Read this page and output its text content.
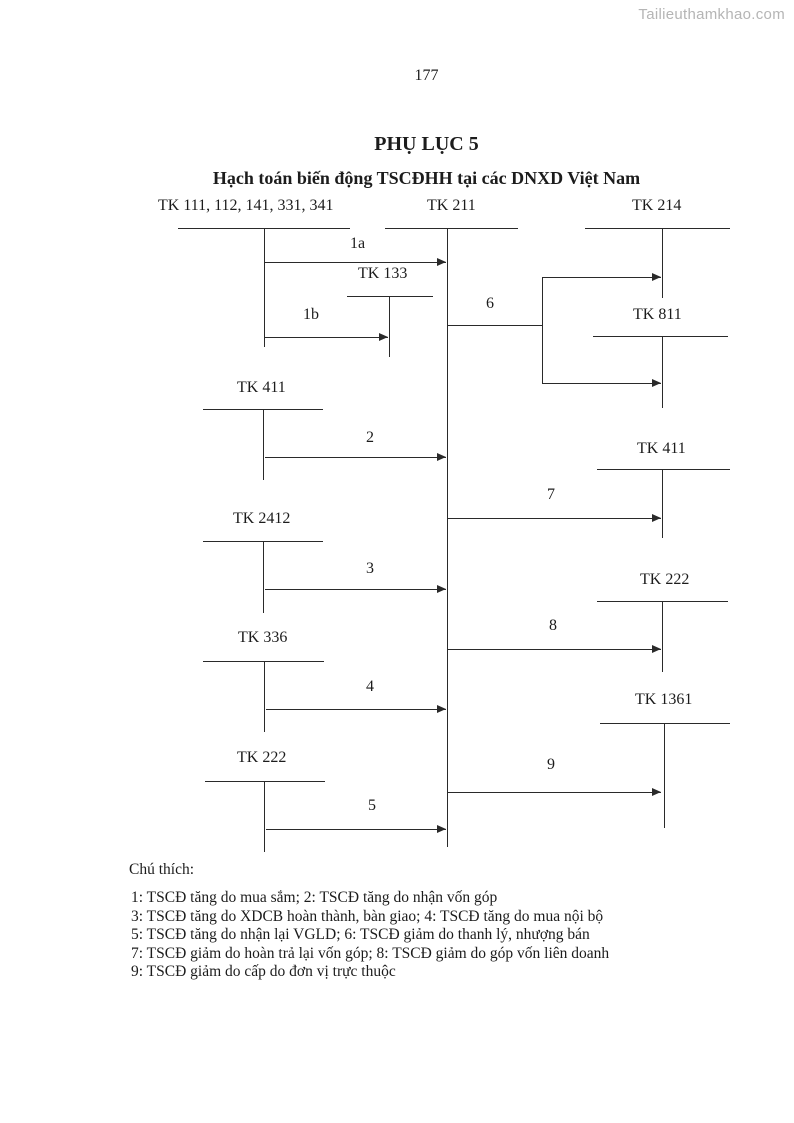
Tailieuthamkhao.com
177
PHỤ LỤC 5
Hạch toán biến động TSCĐHH tại các DNXD Việt Nam
TK 111, 112, 141, 331, 341	TK 211	TK 214
TK 133
TK 811
TK 411
TK 411
TK 2412
TK 222
TK 336
TK 1361
TK 222
1a
1b
2
3
4
5
6
7
8
9
Chú thích:
1: TSCĐ tăng do mua sắm; 2: TSCĐ tăng do nhận vốn góp
3: TSCĐ tăng do XDCB hoàn thành, bàn giao; 4: TSCĐ tăng do mua nội bộ
5: TSCĐ tăng do nhận lại VGLD; 6: TSCĐ giảm do thanh lý, nhượng bán
7: TSCĐ giảm do hoàn trả lại vốn góp; 8: TSCĐ giảm do góp vốn liên doanh
9: TSCĐ giảm do cấp do đơn vị trực thuộc
